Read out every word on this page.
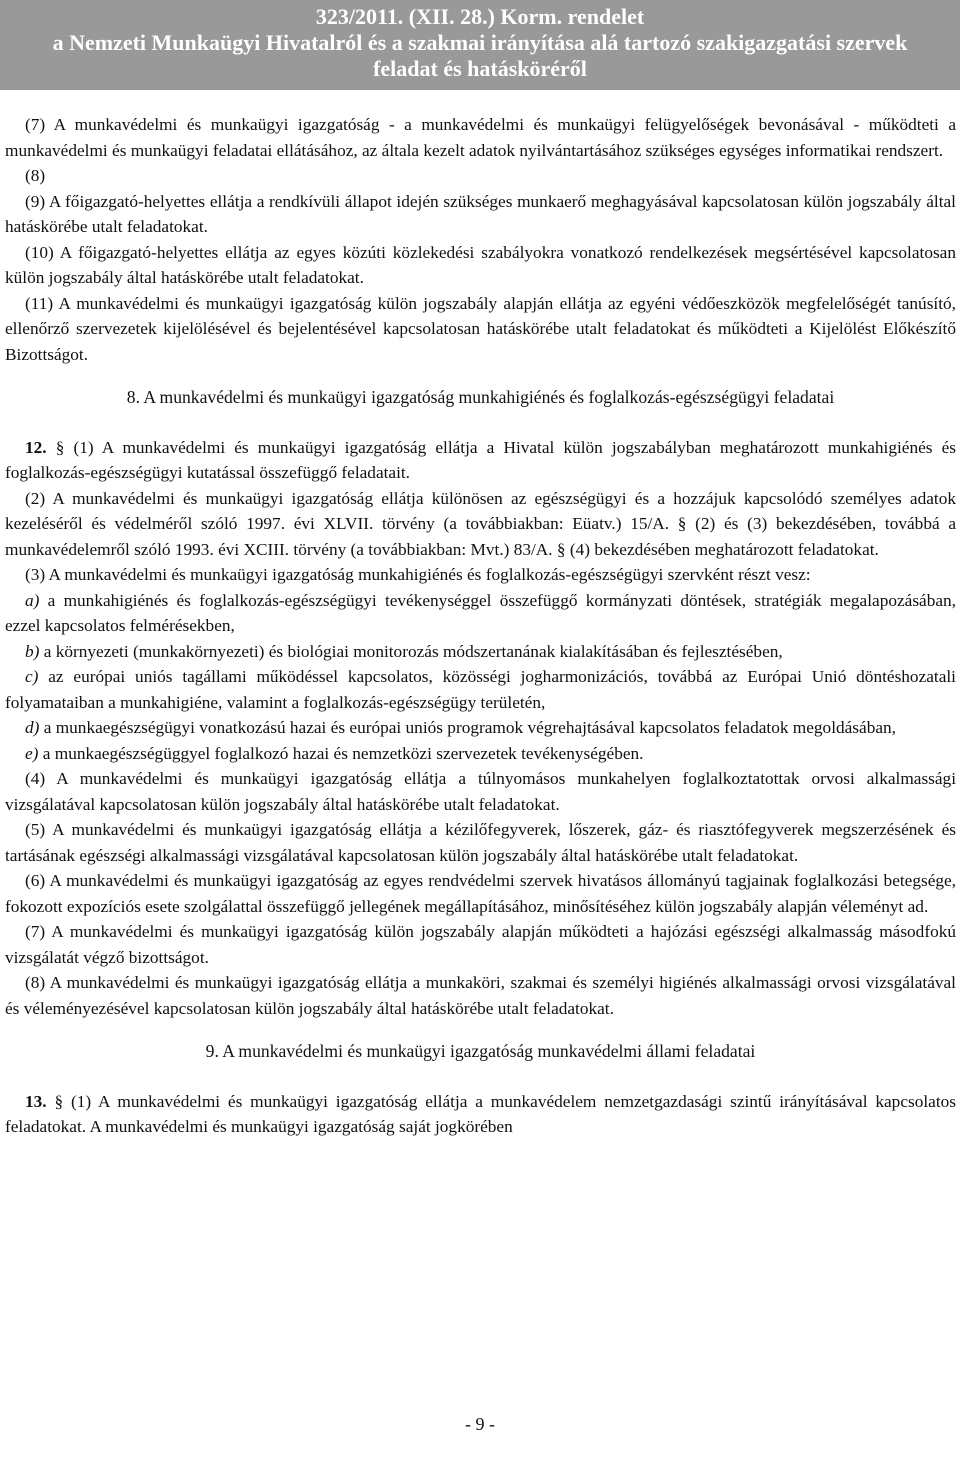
323/2011. (XII. 28.) Korm. rendelet
a Nemzeti Munkaügyi Hivatalról és a szakmai irányítása alá tartozó szakigazgatási szervek
feladat és hatásköréről

(7) A munkavédelmi és munkaügyi igazgatóság - a munkavédelmi és munkaügyi felügyelőségek bevonásával - működteti a munkavédelmi és munkaügyi feladatai ellátásához, az általa kezelt adatok nyilvántartásához szükséges egységes informatikai rendszert.

(8)

(9) A főigazgató-helyettes ellátja a rendkívüli állapot idején szükséges munkaerő meghagyásával kapcsolatosan külön jogszabály által hatáskörébe utalt feladatokat.

(10) A főigazgató-helyettes ellátja az egyes közúti közlekedési szabályokra vonatkozó rendelkezések megsértésével kapcsolatosan külön jogszabály által hatáskörébe utalt feladatokat.

(11) A munkavédelmi és munkaügyi igazgatóság külön jogszabály alapján ellátja az egyéni védőeszközök megfelelőségét tanúsító, ellenőrző szervezetek kijelölésével és bejelentésével kapcsolatosan hatáskörébe utalt feladatokat és működteti a Kijelölést Előkészítő Bizottságot.

8. A munkavédelmi és munkaügyi igazgatóság munkahigiénés és foglalkozás-egészségügyi feladatai

12. § (1) A munkavédelmi és munkaügyi igazgatóság ellátja a Hivatal külön jogszabályban meghatározott munkahigiénés és foglalkozás-egészségügyi kutatással összefüggő feladatait.

(2) A munkavédelmi és munkaügyi igazgatóság ellátja különösen az egészségügyi és a hozzájuk kapcsolódó személyes adatok kezeléséről és védelméről szóló 1997. évi XLVII. törvény (a továbbiakban: Eüatv.) 15/A. § (2) és (3) bekezdésében, továbbá a munkavédelemről szóló 1993. évi XCIII. törvény (a továbbiakban: Mvt.) 83/A. § (4) bekezdésében meghatározott feladatokat.

(3) A munkavédelmi és munkaügyi igazgatóság munkahigiénés és foglalkozás-egészségügyi szervként részt vesz:

a) a munkahigiénés és foglalkozás-egészségügyi tevékenységgel összefüggő kormányzati döntések, stratégiák megalapozásában, ezzel kapcsolatos felmérésekben,

b) a környezeti (munkakörnyezeti) és biológiai monitorozás módszertanának kialakításában és fejlesztésében,

c) az európai uniós tagállami működéssel kapcsolatos, közösségi jogharmonizációs, továbbá az Európai Unió döntéshozatali folyamataiban a munkahigiéne, valamint a foglalkozás-egészségügy területén,

d) a munkaegészségügyi vonatkozású hazai és európai uniós programok végrehajtásával kapcsolatos feladatok megoldásában,

e) a munkaegészségüggyel foglalkozó hazai és nemzetközi szervezetek tevékenységében.

(4) A munkavédelmi és munkaügyi igazgatóság ellátja a túlnyomásos munkahelyen foglalkoztatottak orvosi alkalmassági vizsgálatával kapcsolatosan külön jogszabály által hatáskörébe utalt feladatokat.

(5) A munkavédelmi és munkaügyi igazgatóság ellátja a kézilőfegyverek, lőszerek, gáz- és riasztófegyverek megszerzésének és tartásának egészségi alkalmassági vizsgálatával kapcsolatosan külön jogszabály által hatáskörébe utalt feladatokat.

(6) A munkavédelmi és munkaügyi igazgatóság az egyes rendvédelmi szervek hivatásos állományú tagjainak foglalkozási betegsége, fokozott expozíciós esete szolgálattal összefüggő jellegének megállapításához, minősítéséhez külön jogszabály alapján véleményt ad.

(7) A munkavédelmi és munkaügyi igazgatóság külön jogszabály alapján működteti a hajózási egészségi alkalmasság másodfokú vizsgálatát végző bizottságot.

(8) A munkavédelmi és munkaügyi igazgatóság ellátja a munkaköri, szakmai és személyi higiénés alkalmassági orvosi vizsgálatával és véleményezésével kapcsolatosan külön jogszabály által hatáskörébe utalt feladatokat.

9. A munkavédelmi és munkaügyi igazgatóság munkavédelmi állami feladatai

13. § (1) A munkavédelmi és munkaügyi igazgatóság ellátja a munkavédelem nemzetgazdasági szintű irányításával kapcsolatos feladatokat. A munkavédelmi és munkaügyi igazgatóság saját jogkörében

- 9 -
